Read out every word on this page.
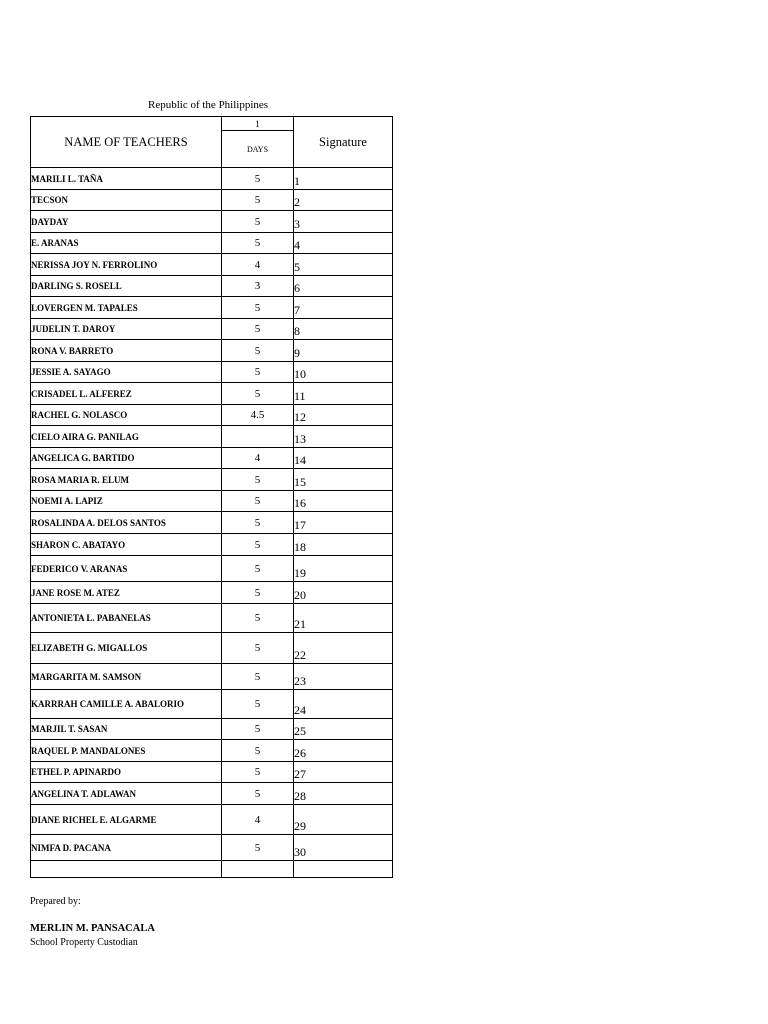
Republic of the Philippines
NAME OF TEACHERS	1	Signature
	DAYS	
MARILI L. TAÑA	5	1
TECSON	5	2
DAYDAY	5	3
E. ARANAS	5	4
NERISSA JOY N. FERROLINO	4	5
DARLING S. ROSELL	3	6
LOVERGEN M. TAPALES	5	7
JUDELIN T. DAROY	5	8
RONA V. BARRETO	5	9
JESSIE A. SAYAGO	5	10
CRISADEL L. ALFEREZ	5	11
RACHEL G. NOLASCO	4.5	12
CIELO AIRA G. PANILAG		13
ANGELICA G. BARTIDO	4	14
ROSA MARIA R. ELUM	5	15
NOEMI A. LAPIZ	5	16
ROSALINDA A. DELOS SANTOS	5	17
SHARON C. ABATAYO	5	18
FEDERICO V. ARANAS	5	19
JANE ROSE M. ATEZ	5	20
ANTONIETA L. PABANELAS	5	21
ELIZABETH G. MIGALLOS	5	22
MARGARITA M. SAMSON	5	23
KARRRAH CAMILLE A. ABALORIO	5	24
MARJIL T. SASAN	5	25
RAQUEL P. MANDALONES	5	26
ETHEL P. APINARDO	5	27
ANGELINA T. ADLAWAN	5	28
DIANE RICHEL E. ALGARME	4	29
NIMFA D. PACANA	5	30

Prepared by:
MERLIN M. PANSACALA
School Property Custodian
